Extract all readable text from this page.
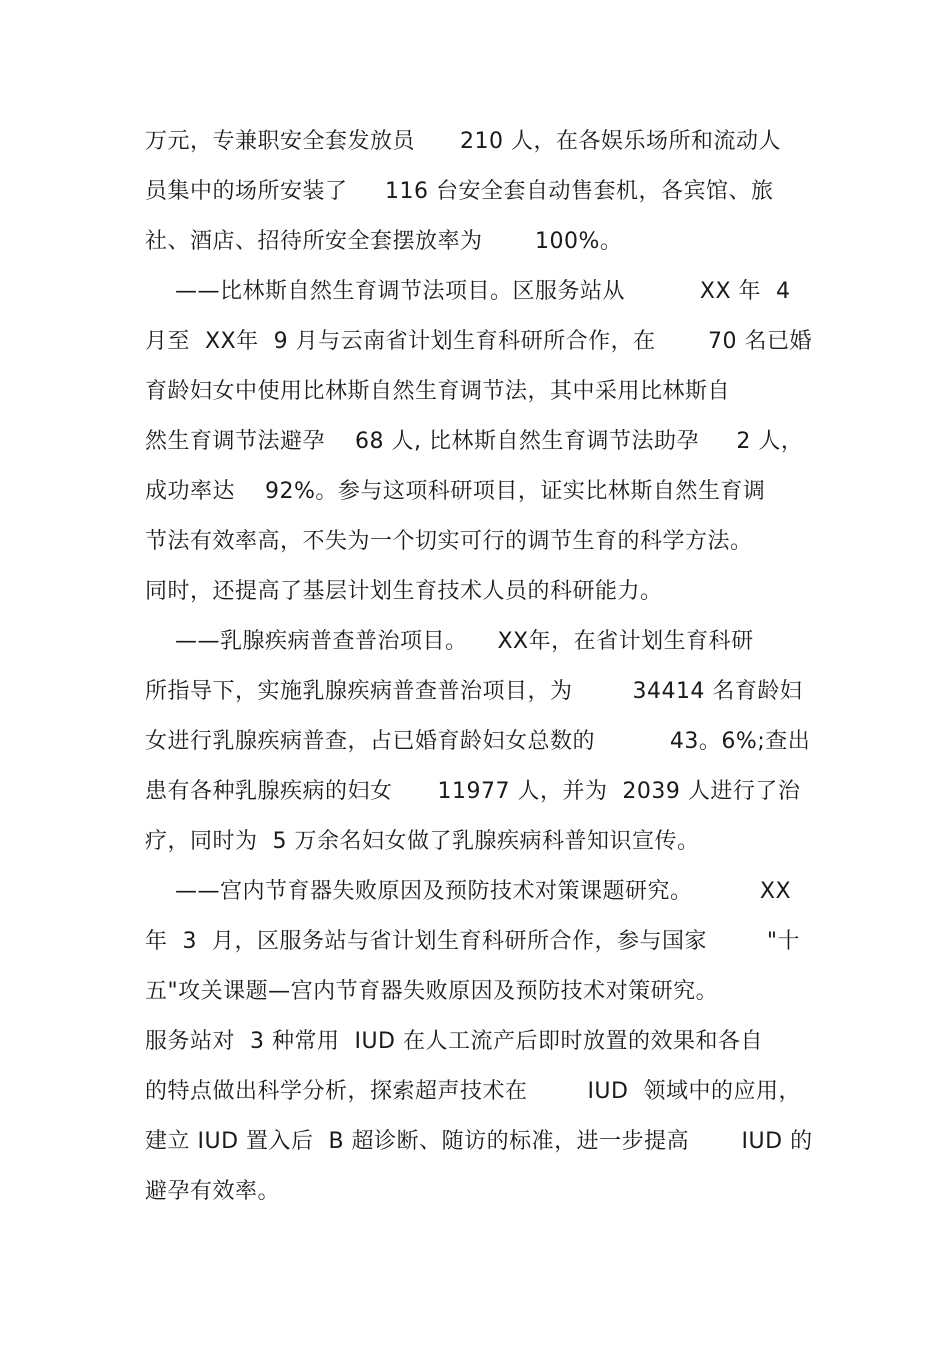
万元，专兼职安全套发放员      210 人，在各娱乐场所和流动人
员集中的场所安装了     116 台安全套自动售套机，各宾馆、旅
社、酒店、招待所安全套摆放率为       100%。
——比林斯自然生育调节法项目。区服务站从          XX 年  4
月至  XX年  9 月与云南省计划生育科研所合作，在       70 名已婚
育龄妇女中使用比林斯自然生育调节法，其中采用比林斯自
然生育调节法避孕    68 人, 比林斯自然生育调节法助孕     2 人，
成功率达    92%。参与这项科研项目，证实比林斯自然生育调
节法有效率高，不失为一个切实可行的调节生育的科学方法。
同时，还提高了基层计划生育技术人员的科研能力。
——乳腺疾病普查普治项目。    XX年，在省计划生育科研
所指导下，实施乳腺疾病普查普治项目，为        34414 名育龄妇
女进行乳腺疾病普查，占已婚育龄妇女总数的          43。6%;查出
患有各种乳腺疾病的妇女      11977 人，并为  2039 人进行了治
疗，同时为  5 万余名妇女做了乳腺疾病科普知识宣传。
——宫内节育器失败原因及预防技术对策课题研究。         XX
年  3  月，区服务站与省计划生育科研所合作，参与国家        "十
五"攻关课题—宫内节育器失败原因及预防技术对策研究。
服务站对  3 种常用  IUD 在人工流产后即时放置的效果和各自
的特点做出科学分析，探索超声技术在        IUD  领域中的应用，
建立 IUD 置入后  B 超诊断、随访的标准，进一步提高       IUD 的
避孕有效率。
